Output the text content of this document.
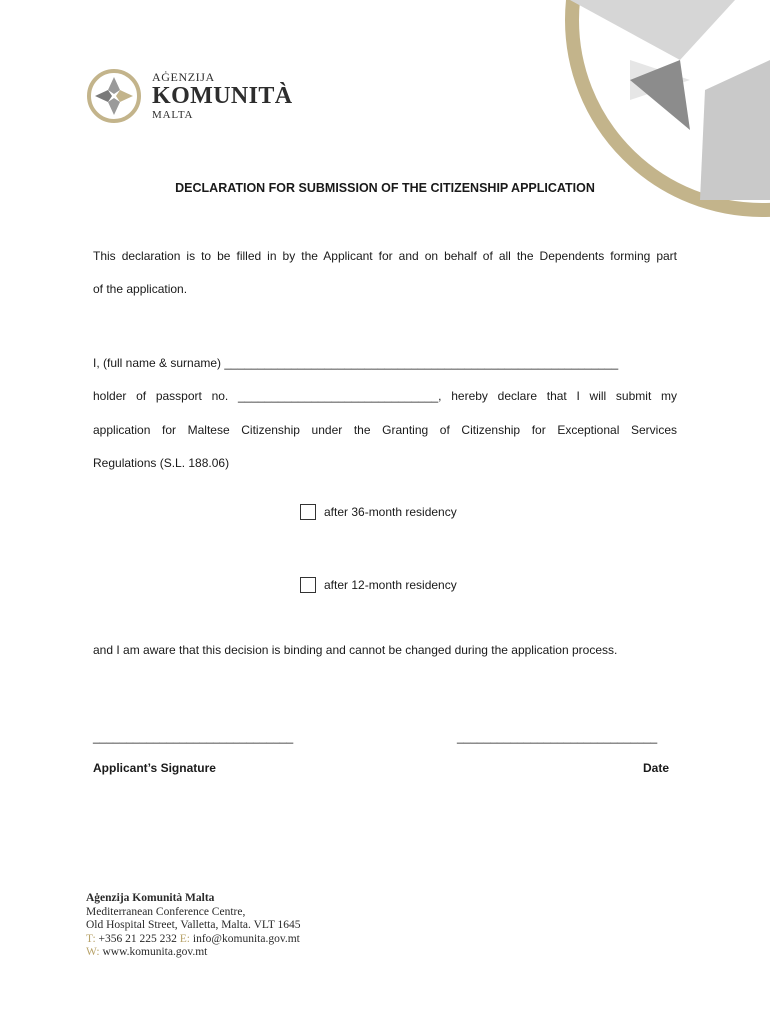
AĠENZIJA
KOMUNITÀ
MALTA
DECLARATION FOR SUBMISSION OF THE CITIZENSHIP APPLICATION
This declaration is to be filled in by the Applicant for and on behalf of all the Dependents forming part
of the application.
I, (full name & surname) ___________________________________________________________
holder of passport no. ______________________________, hereby declare that I will submit my
application for Maltese Citizenship under the Granting of Citizenship for Exceptional Services
Regulations (S.L. 188.06)
after 36-month residency
after 12-month residency
and I am aware that this decision is binding and cannot be changed during the application process.
______________________________	______________________________
Applicant’s Signature	Date
Aġenzija Komunità Malta
Mediterranean Conference Centre,
Old Hospital Street, Valletta, Malta. VLT 1645
T: +356 21 225 232 E: info@komunita.gov.mt
W: www.komunita.gov.mt
